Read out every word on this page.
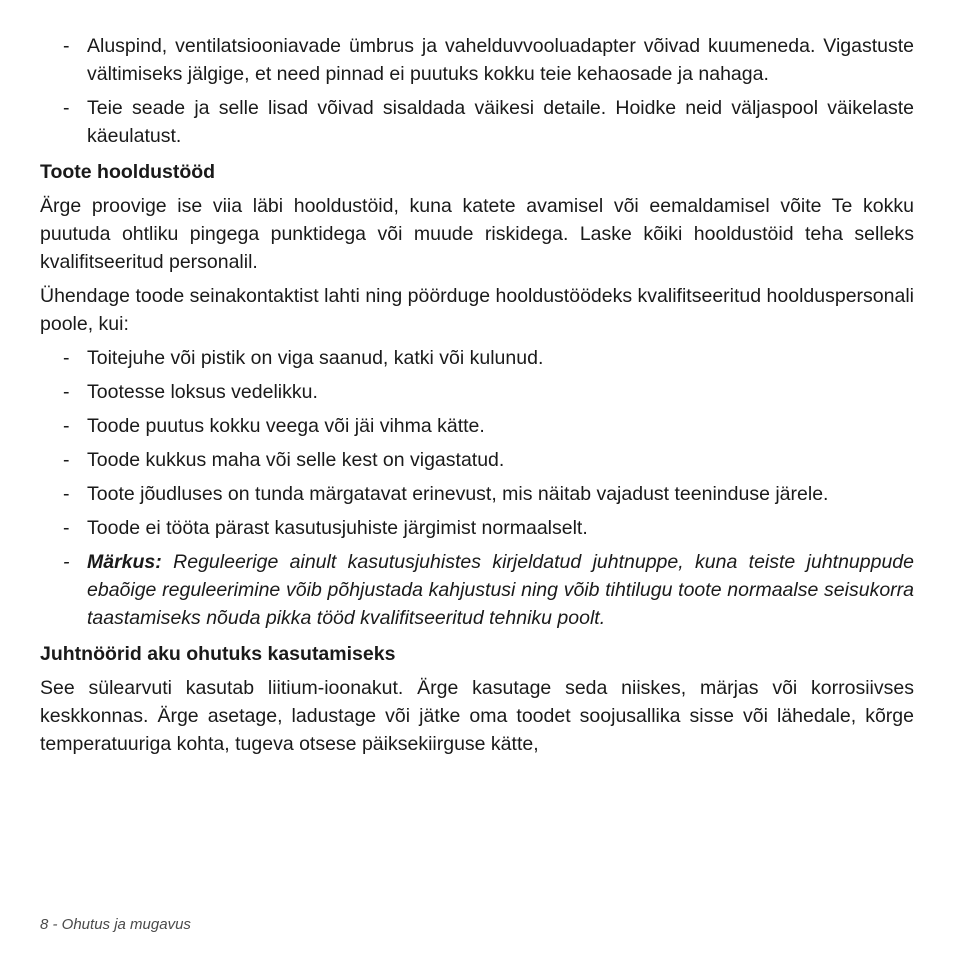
- Aluspind, ventilatsiooniavade ümbrus ja vahelduvvooluadapter võivad kuumeneda. Vigastuste vältimiseks jälgige, et need pinnad ei puutuks kokku teie kehaosade ja nahaga.
- Teie seade ja selle lisad võivad sisaldada väikesi detaile. Hoidke neid väljaspool väikelaste käeulatust.
Toote hooldustööd
Ärge proovige ise viia läbi hooldustöid, kuna katete avamisel või eemaldamisel võite Te kokku puutuda ohtliku pingega punktidega või muude riskidega. Laske kõiki hooldustöid teha selleks kvalifitseeritud personalil.
Ühendage toode seinakontaktist lahti ning pöörduge hooldustöödeks kvalifitseeritud hoolduspersonali poole, kui:
- Toitejuhe või pistik on viga saanud, katki või kulunud.
- Tootesse loksus vedelikku.
- Toode puutus kokku veega või jäi vihma kätte.
- Toode kukkus maha või selle kest on vigastatud.
- Toote jõudluses on tunda märgatavat erinevust, mis näitab vajadust teeninduse järele.
- Toode ei tööta pärast kasutusjuhiste järgimist normaalselt.
- Märkus: Reguleerige ainult kasutusjuhistes kirjeldatud juhtnuppe, kuna teiste juhtnuppude ebaõige reguleerimine võib põhjustada kahjustusi ning võib tihtilugu toote normaalse seisukorra taastamiseks nõuda pikka tööd kvalifitseeritud tehniku poolt.
Juhtnöörid aku ohutuks kasutamiseks
See sülearvuti kasutab liitium-ioonakut. Ärge kasutage seda niiskes, märjas või korrosiivses keskkonnas. Ärge asetage, ladustage või jätke oma toodet soojusallika sisse või lähedale, kõrge temperatuuriga kohta, tugeva otsese päiksekiirguse kätte,
8 - Ohutus ja mugavus
